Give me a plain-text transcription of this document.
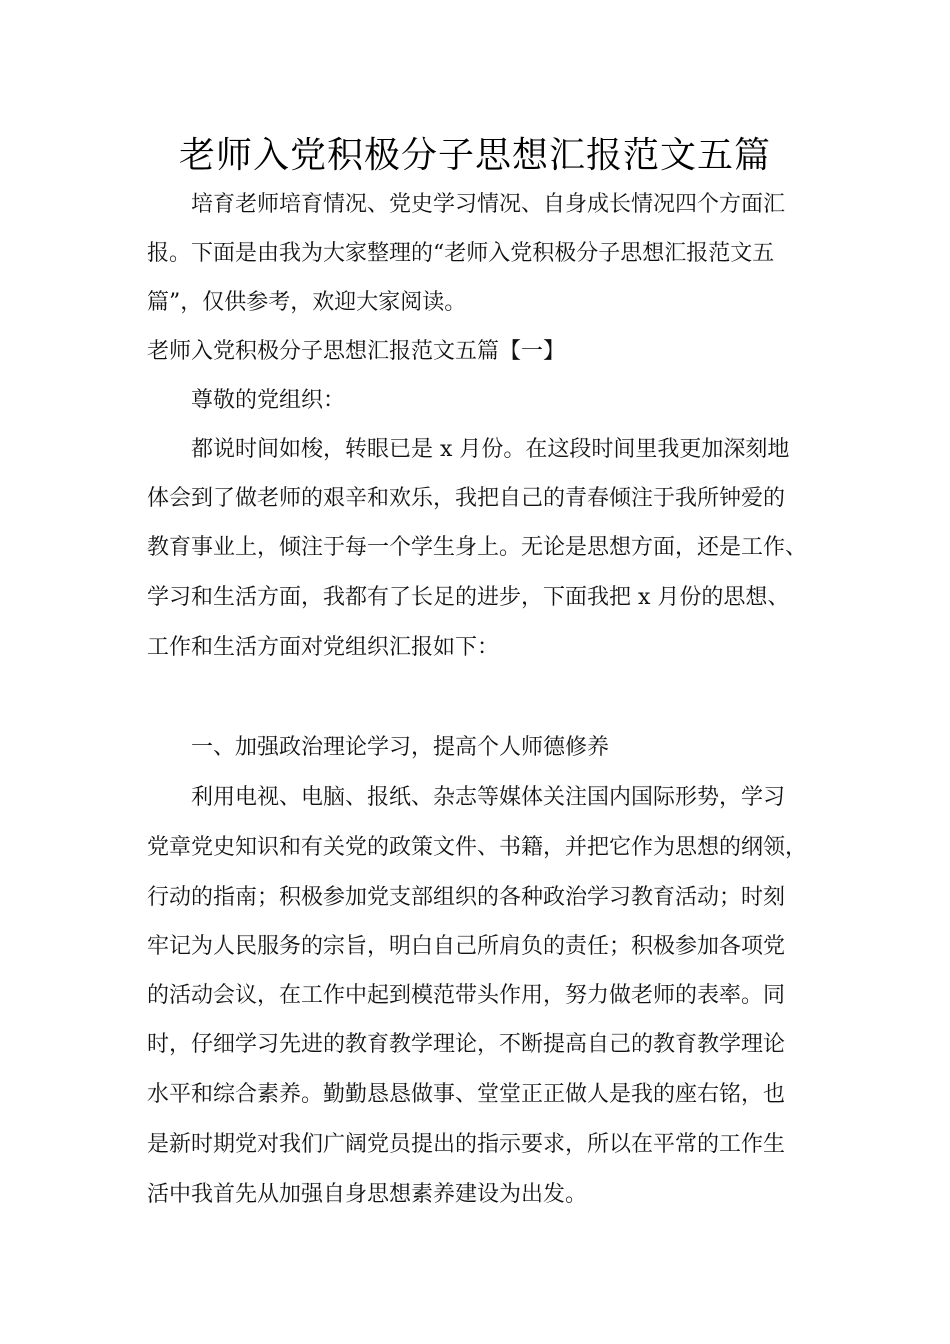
老师入党积极分子思想汇报范文五篇
培育老师培育情况、党史学习情况、自身成长情况四个方面汇
报。下面是由我为大家整理的“老师入党积极分子思想汇报范文五
篇”，仅供参考，欢迎大家阅读。
老师入党积极分子思想汇报范文五篇【一】
尊敬的党组织：
都说时间如梭，转眼已是 x 月份。在这段时间里我更加深刻地
体会到了做老师的艰辛和欢乐，我把自己的青春倾注于我所钟爱的
教育事业上，倾注于每一个学生身上。无论是思想方面，还是工作、
学习和生活方面，我都有了长足的进步，下面我把 x 月份的思想、
工作和生活方面对党组织汇报如下：
一、加强政治理论学习，提高个人师德修养
利用电视、电脑、报纸、杂志等媒体关注国内国际形势，学习
党章党史知识和有关党的政策文件、书籍，并把它作为思想的纲领，
行动的指南；积极参加党支部组织的各种政治学习教育活动；时刻
牢记为人民服务的宗旨，明白自己所肩负的责任；积极参加各项党
的活动会议，在工作中起到模范带头作用，努力做老师的表率。同
时，仔细学习先进的教育教学理论，不断提高自己的教育教学理论
水平和综合素养。勤勤恳恳做事、堂堂正正做人是我的座右铭，也
是新时期党对我们广阔党员提出的指示要求，所以在平常的工作生
活中我首先从加强自身思想素养建设为出发。
